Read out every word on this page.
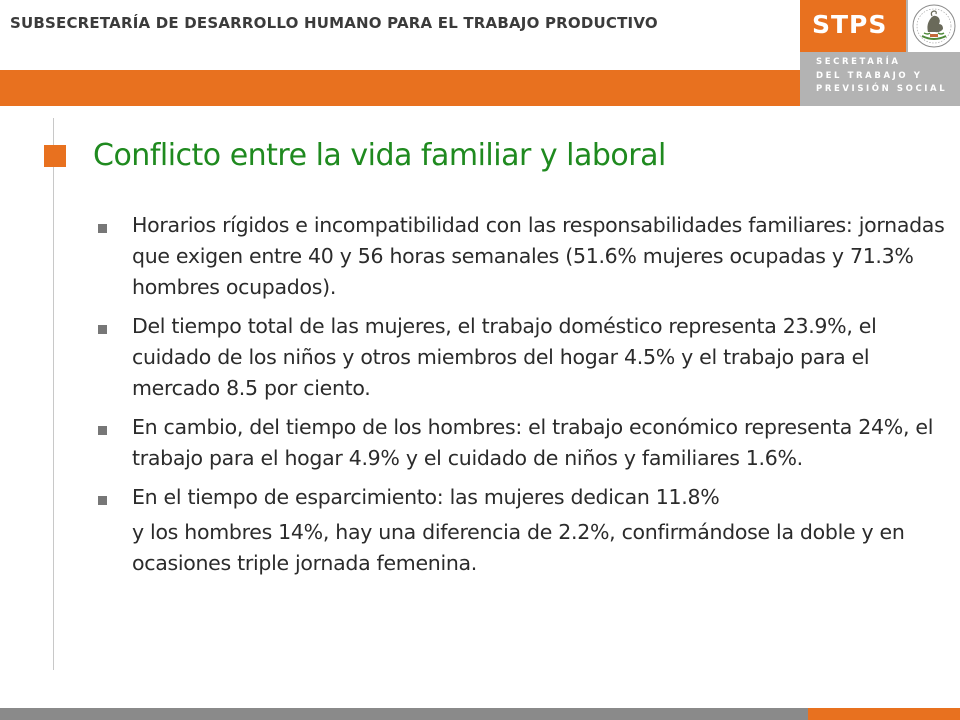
SUBSECRETARÍA DE DESARROLLO HUMANO PARA EL TRABAJO PRODUCTIVO	STPS
SECRETARÍA
DEL TRABAJO Y
PREVISIÓN SOCIAL
Conflicto entre la vida familiar y laboral
Horarios rígidos e incompatibilidad con las responsabilidades familiares: jornadas que exigen entre 40 y 56 horas semanales (51.6% mujeres ocupadas y 71.3% hombres ocupados).
Del tiempo total de las mujeres, el trabajo doméstico representa 23.9%, el cuidado de los niños y otros miembros del hogar 4.5% y el trabajo para el mercado 8.5 por ciento.
En cambio, del tiempo de los hombres: el trabajo económico representa 24%, el trabajo para el hogar 4.9% y el cuidado de niños y familiares 1.6%.
En el tiempo de esparcimiento: las mujeres dedican 11.8%
y los hombres 14%, hay una diferencia de 2.2%, confirmándose la doble y en ocasiones triple jornada femenina.
